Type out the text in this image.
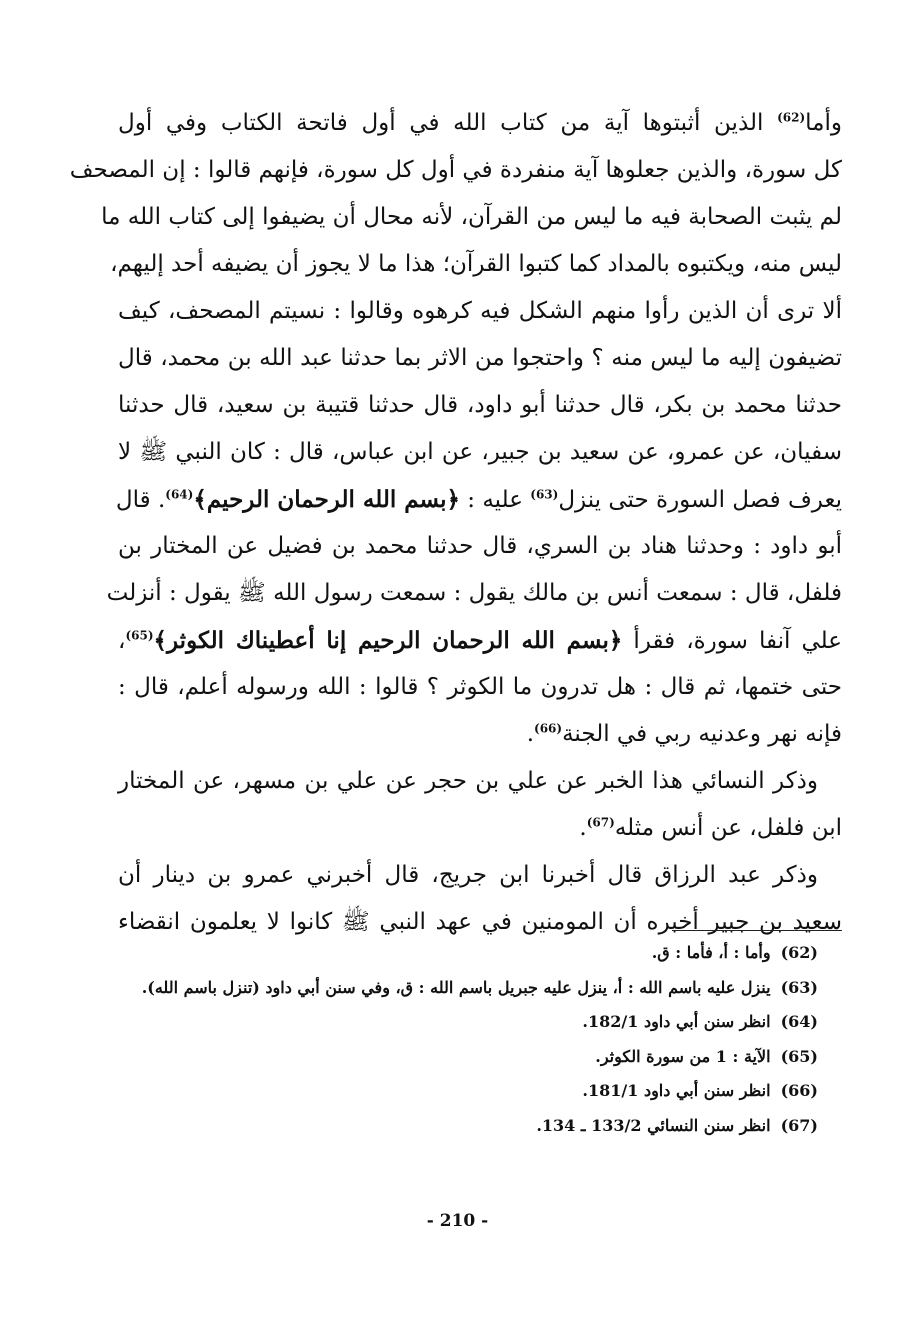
وأما$^{(62)}$ الذين أثبتوها آية من كتاب الله في أول فاتحة الكتاب وفي أول
كل سورة، والذين جعلوها آية منفردة في أول كل سورة، فإنهم قالوا : إن المصحف
لم يثبت الصحابة فيه ما ليس من القرآن، لأنه محال أن يضيفوا إلى كتاب الله ما
ليس منه، ويكتبوه بالمداد كما كتبوا القرآن؛ هذا ما لا يجوز أن يضيفه أحد إليهم،
ألا ترى أن الذين رأوا منهم الشكل فيه كرهوه وقالوا : نسيتم المصحف، كيف
تضيفون إليه ما ليس منه ؟ واحتجوا من الاثر بما حدثنا عبد الله بن محمد، قال
حدثنا محمد بن بكر، قال حدثنا أبو داود، قال حدثنا قتيبة بن سعيد، قال حدثنا
سفيان، عن عمرو، عن سعيد بن جبير، عن ابن عباس، قال : كان النبي ﷺ لا
يعرف فصل السورة حتى ينزل$^{(63)}$ عليه : ﴿بسم الله الرحمان الرحيم﴾$^{(64)}$. قال
أبو داود : وحدثنا هناد بن السري، قال حدثنا محمد بن فضيل عن المختار بن
فلفل، قال : سمعت أنس بن مالك يقول : سمعت رسول الله ﷺ يقول : أنزلت
علي آنفا سورة، فقرأ ﴿بسم الله الرحمان الرحيم إنا أعطيناك الكوثر﴾$^{(65)}$،
حتى ختمها، ثم قال : هل تدرون ما الكوثر ؟ قالوا : الله ورسوله أعلم، قال :
فإنه نهر وعدنيه ربي في الجنة$^{(66)}$.
وذكر النسائي هذا الخبر عن علي بن حجر عن علي بن مسهر، عن المختار
ابن فلفل، عن أنس مثله$^{(67)}$.
وذكر عبد الرزاق قال أخبرنا ابن جريج، قال أخبرني عمرو بن دينار أن
سعيد بن جبير أخبره أن المومنين في عهد النبي ﷺ كانوا لا يعلمون انقضاء
(62)وأما : أ، فأما : ق.
(63)ينزل عليه باسم الله : أ، ينزل عليه جبريل باسم الله : ق، وفي سنن أبي داود (تنزل باسم الله).
(64)انظر سنن أبي داود 182/1.
(65)الآية : 1 من سورة الكوثر.
(66)انظر سنن أبي داود 181/1.
(67)انظر سنن النسائي 133/2 ـ 134.
- 210 -
